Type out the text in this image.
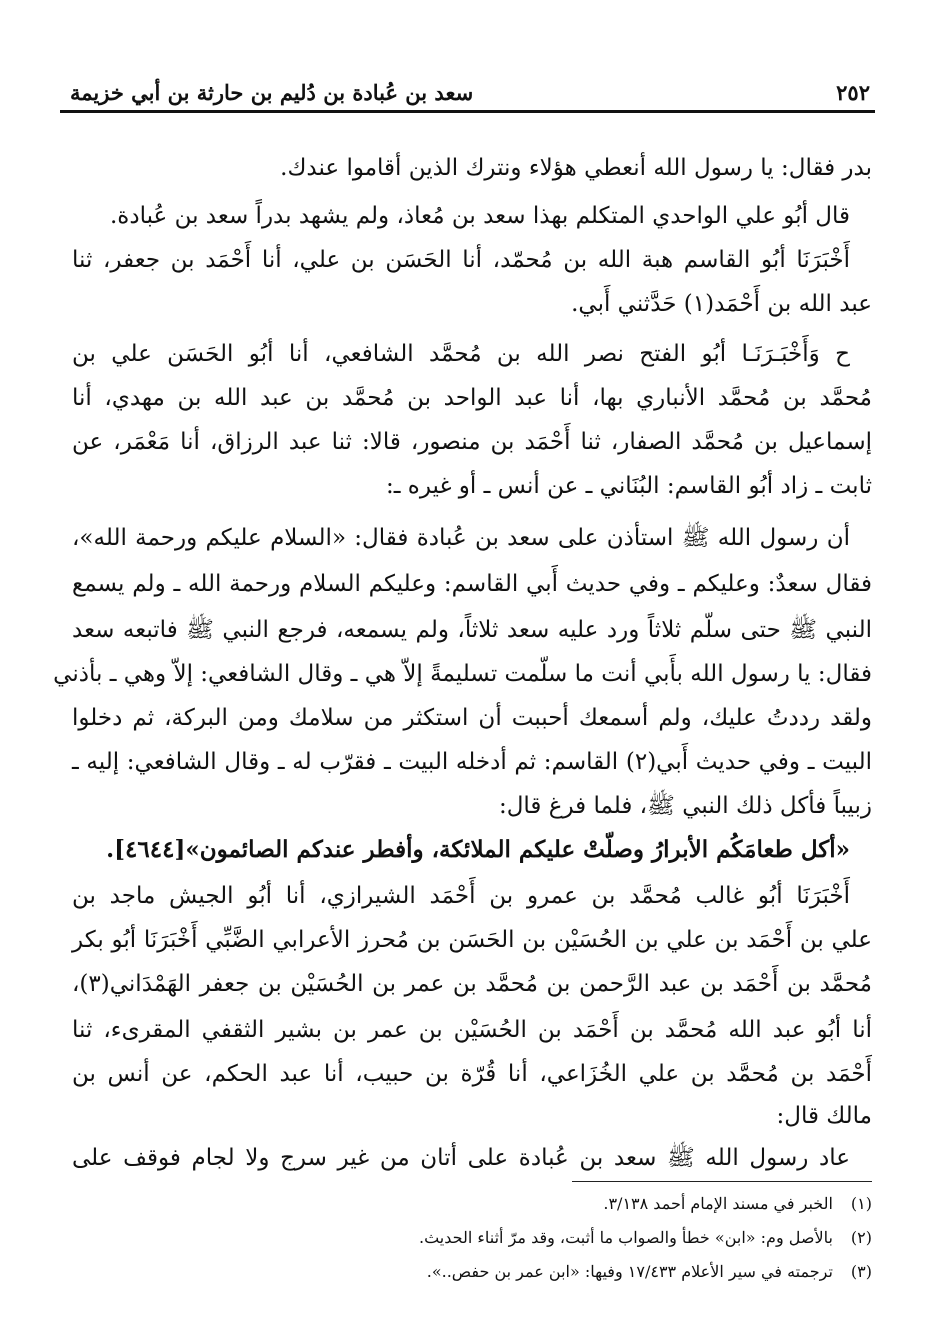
٢٥٢
سعد بن عُبادة بن دُليم بن حارثة بن أبي خزيمة
بدر فقال: يا رسول الله أنعطي هؤلاء ونترك الذين أقاموا عندك.
قال أبُو علي الواحدي المتكلم بهذا سعد بن مُعاذ، ولم يشهد بدراً سعد بن عُبادة.
أَخْبَرَنَا أبُو القاسم هبة الله بن مُحمّد، أنا الحَسَن بن علي، أنا أَحْمَد بن جعفر، ثنا
عبد الله بن أَحْمَد(١) حَدَّثني أَبي.
ح وَأَخْبَـرَنَـا أبُو الفتح نصر الله بن مُحمَّد الشافعي، أنا أبُو الحَسَن علي بن
مُحمَّد بن مُحمَّد الأنباري بها، أنا عبد الواحد بن مُحمَّد بن عبد الله بن مهدي، أنا
إسماعيل بن مُحمَّد الصفار، ثنا أَحْمَد بن منصور، قالا: ثنا عبد الرزاق، أنا مَعْمَر، عن
ثابت ـ زاد أبُو القاسم: البُنَاني ـ عن أنس ـ أو غيره ـ:
أن رسول الله ﷺ استأذن على سعد بن عُبادة فقال: «السلام عليكم ورحمة الله»،
فقال سعدٌ: وعليكم ـ وفي حديث أَبي القاسم: وعليكم السلام ورحمة الله ـ ولم يسمع
النبي ﷺ حتى سلّم ثلاثاً ورد عليه سعد ثلاثاً، ولم يسمعه، فرجع النبي ﷺ فاتبعه سعد
فقال: يا رسول الله بأَبي أنت ما سلّمت تسليمةً إلاّ هي ـ وقال الشافعي: إلاّ وهي ـ بأذني
ولقد رددتُ عليك، ولم أسمعك أحببت أن استكثر من سلامك ومن البركة، ثم دخلوا
البيت ـ وفي حديث أَبي(٢) القاسم: ثم أدخله البيت ـ فقرّب له ـ وقال الشافعي: إليه ـ
زبيباً فأكل ذلك النبي ﷺ، فلما فرغ قال:
«أكل طعامَكُم الأبرارُ وصلّتْ عليكم الملائكة، وأفطر عندكم الصائمون»[٤٦٤٤].
أَخْبَرَنَا أبُو غالب مُحمَّد بن عمرو بن أَحْمَد الشيرازي، أنا أبُو الجيش ماجد بن
علي بن أَحْمَد بن علي بن الحُسَيْن بن الحَسَن بن مُحرز الأعرابي الضَّبِّي أَخْبَرَنَا أبُو بكر
مُحمَّد بن أَحْمَد بن عبد الرَّحمن بن مُحمَّد بن عمر بن الحُسَيْن بن جعفر الهَمْدَاني(٣)،
أنا أبُو عبد الله مُحمَّد بن أَحْمَد بن الحُسَيْن بن عمر بن بشير الثقفي المقرىء، ثنا
أَحْمَد بن مُحمَّد بن علي الخُزَاعي، أنا قُرّة بن حبيب، أنا عبد الحكم، عن أنس بن
مالك قال:
عاد رسول الله ﷺ سعد بن عُبادة على أتان من غير سرج ولا لجام فوقف على
(١) الخبر في مسند الإمام أحمد ٣/١٣٨.
(٢) بالأصل وم: «ابن» خطأ والصواب ما أثبت، وقد مرّ أثناء الحديث.
(٣) ترجمته في سير الأعلام ١٧/٤٣٣ وفيها: «ابن عمر بن حفص..».
